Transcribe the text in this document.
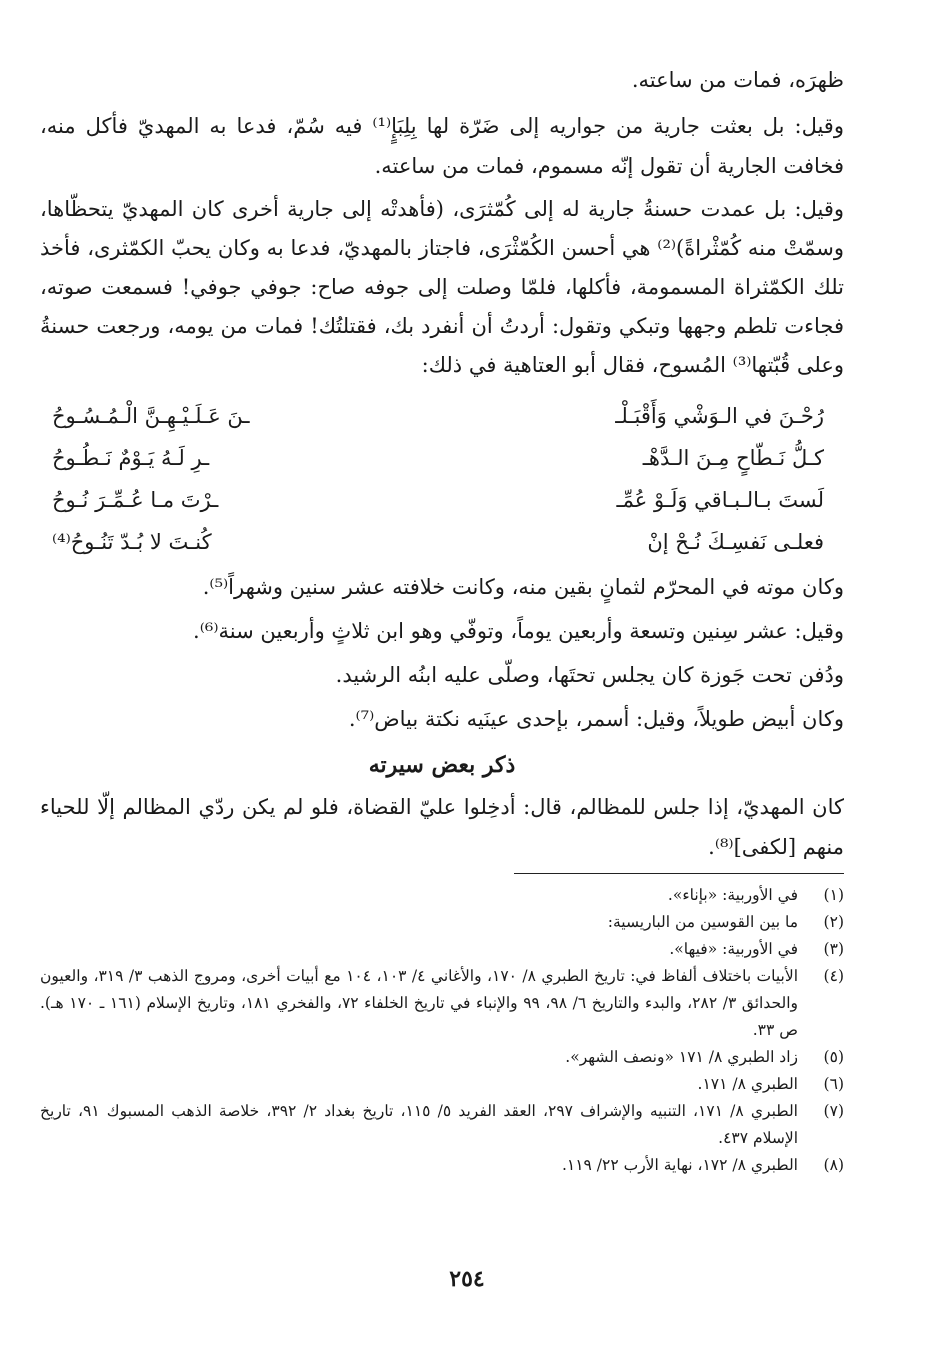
ظهرَه، فمات من ساعته.

وقيل: بل بعثت جارية من جواريه إلى ضَرّة لها بِلِبَإٍ⁽¹⁾ فيه سُمّ، فدعا به المهديّ فأكل منه، فخافت الجارية أن تقول إنّه مسموم، فمات من ساعته.

وقيل: بل عمدت حسنةُ جارية له إلى كُمّثرَى، (فأهدتْه إلى جارية أخرى كان المهديّ يتحظّاها، وسمّتْ منه كُمّثْراةً)⁽²⁾ هي أحسن الكُمّثْرَى، فاجتاز بالمهديّ، فدعا به وكان يحبّ الكمّثرى، فأخذ تلك الكمّثراة المسمومة، فأكلها، فلمّا وصلت إلى جوفه صاح: جوفي جوفي! فسمعت صوته، فجاءت تلطم وجهها وتبكي وتقول: أردتُ أن أنفرد بك، فقتلتُك! فمات من يومه، ورجعت حسنةُ وعلى قُبّتها⁽³⁾ المُسوح، فقال أبو العتاهية في ذلك:

رُحْـنَ في الـوَشْي وَأَقْبَـلْـ
ـنَ عَـلَـيْـهِـنَّ الْـمُـسُـوحُ
كـلُّ نَـطّاحٍ مِـنَ الـدَّهْـ
ـرِ لَـهُ يَـوْمٌ نَـطُـوحُ
لَستَ بـالـبـاقي وَلَـوْ عُمِّـ
ـرْتَ مـا عُـمِّـرَ نُـوحُ
فعلـى نَفسِـكَ نُـحْ إنْ
كُنـتَ لا بُـدّ تَنُـوحُ⁽⁴⁾

وكان موته في المحرّم لثمانٍ بقين منه، وكانت خلافته عشر سنين وشهراً⁽⁵⁾.

وقيل: عشر سِنين وتسعة وأربعين يوماً، وتوفّي وهو ابن ثلاثٍ وأربعين سنة⁽⁶⁾.

ودُفن تحت جَوزة كان يجلس تحتَها، وصلّى عليه ابنُه الرشيد.

وكان أبيض طويلاً، وقيل: أسمر، بإحدى عينَيه نكتة بياض⁽⁷⁾.

ذكر بعض سيرته

كان المهديّ، إذا جلس للمظالم، قال: أدخِلوا عليّ القضاة، فلو لم يكن ردّي المظالم إلّا للحياء منهم [لكفى]⁽⁸⁾.

(١)
في الأوربية: «بإناء».
(٢)
ما بين القوسين من الباريسية:
(٣)
في الأوربية: «فيها».
(٤)
الأبيات باختلاف ألفاظ في: تاريخ الطبري ٨/ ١٧٠، والأغاني ٤/ ١٠٣، ١٠٤ مع أبيات أخرى، ومروج الذهب ٣/ ٣١٩، والعيون والحدائق ٣/ ٢٨٢، والبدء والتاريخ ٦/ ٩٨، ٩٩ والإنباء في تاريخ الخلفاء ٧٢، والفخري ١٨١، وتاريخ الإسلام (١٦١ ـ ١٧٠ هـ). ص ٣٣.
(٥)
زاد الطبري ٨/ ١٧١ «ونصف الشهر».
(٦)
الطبري ٨/ ١٧١.
(٧)
الطبري ٨/ ١٧١، التنبيه والإشراف ٢٩٧، العقد الفريد ٥/ ١١٥، تاريخ بغداد ٢/ ٣٩٢، خلاصة الذهب المسبوك ٩١، تاريخ الإسلام ٤٣٧.
(٨)
الطبري ٨/ ١٧٢، نهاية الأرب ٢٢/ ١١٩.
٢٥٤
